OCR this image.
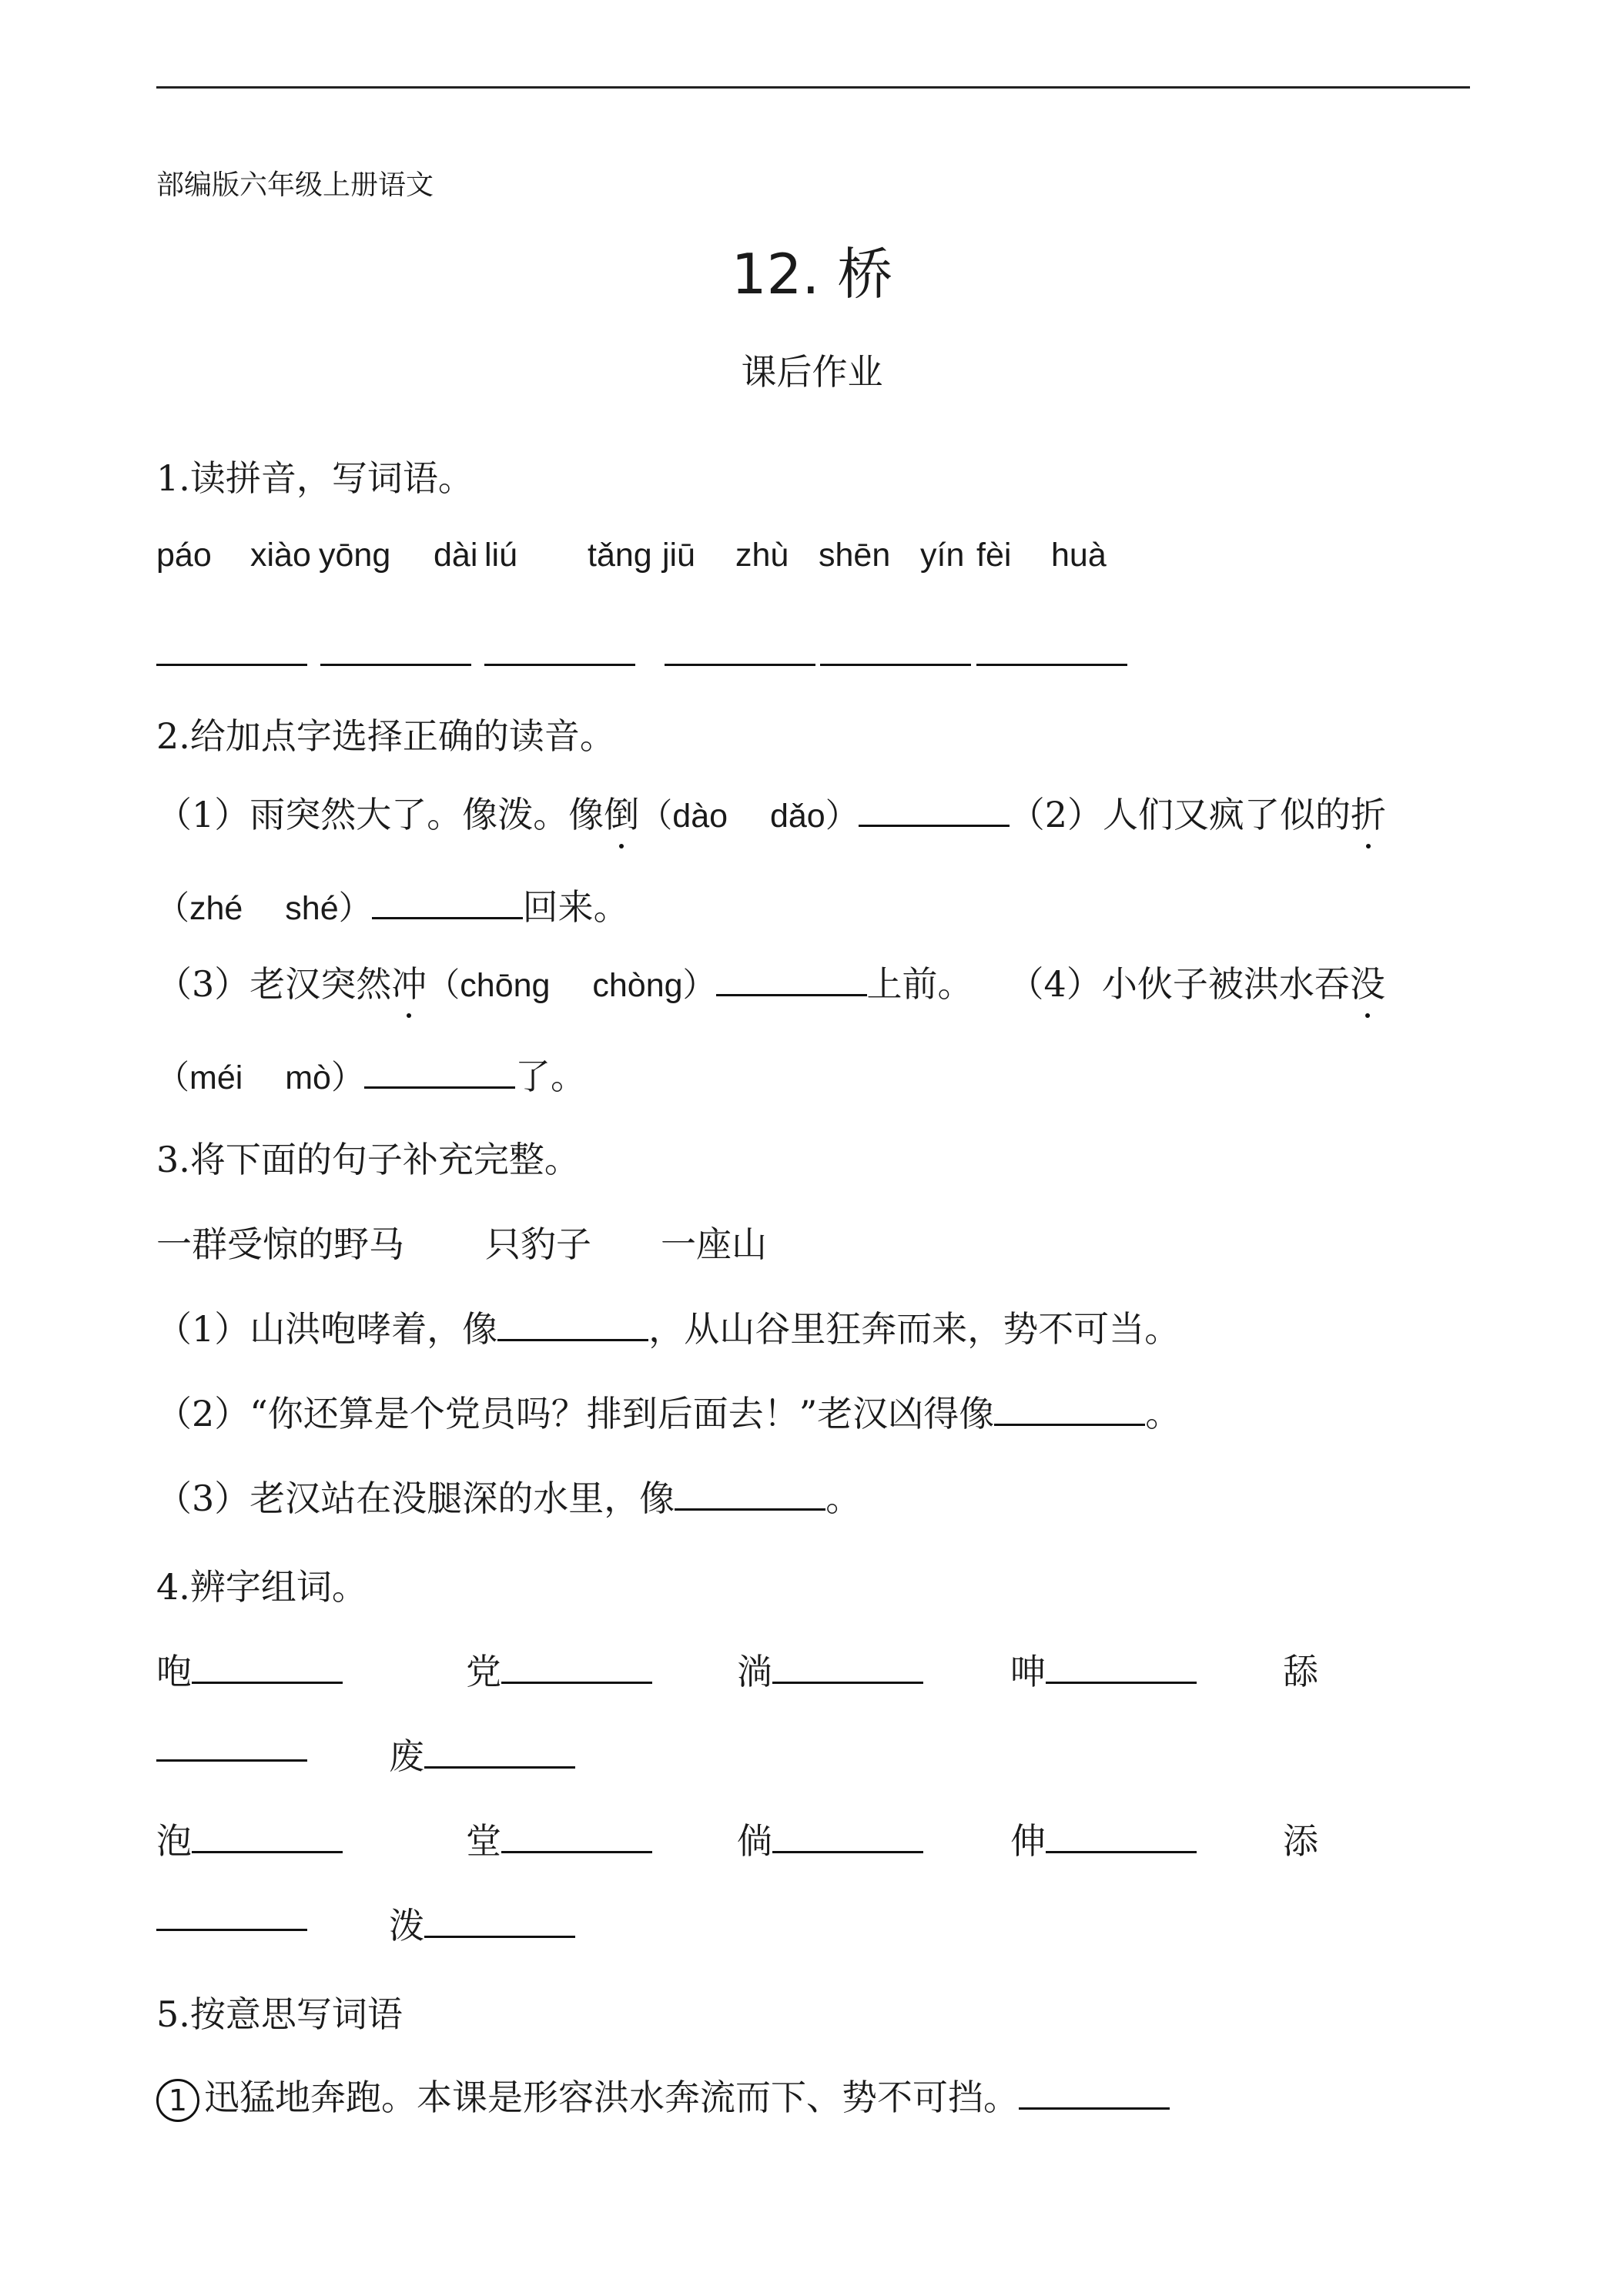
部编版六年级上册语文
12. 桥
课后作业
1.读拼音，写词语。
páo xiào yōng dài liú tǎng jiū zhù shēn yín fèi huà
2.给加点字选择正确的读音。
（1）雨突然大了。像泼。像倒（dào　 dǎo）	（2）人们又疯了似的折
（zhé　 shé）	回来。
（3）老汉突然冲（chōng　 chòng）	上前。 （4）小伙子被洪水吞没
（méi　 mò）	了。
3.将下面的句子补充完整。
一群受惊的野马 只豹子 一座山
（1）山洪咆哮着，像	，从山谷里狂奔而来，势不可当。
（2）“你还算是个党员吗？排到后面去！”老汉凶得像	。
（3）老汉站在没腿深的水里，像	。
4.辨字组词。
咆	党	淌	呻	舔
废
泡	堂	倘	伸	添
泼
5.按意思写词语
1 迅猛地奔跑。本课是形容洪水奔流而下、势不可挡。
